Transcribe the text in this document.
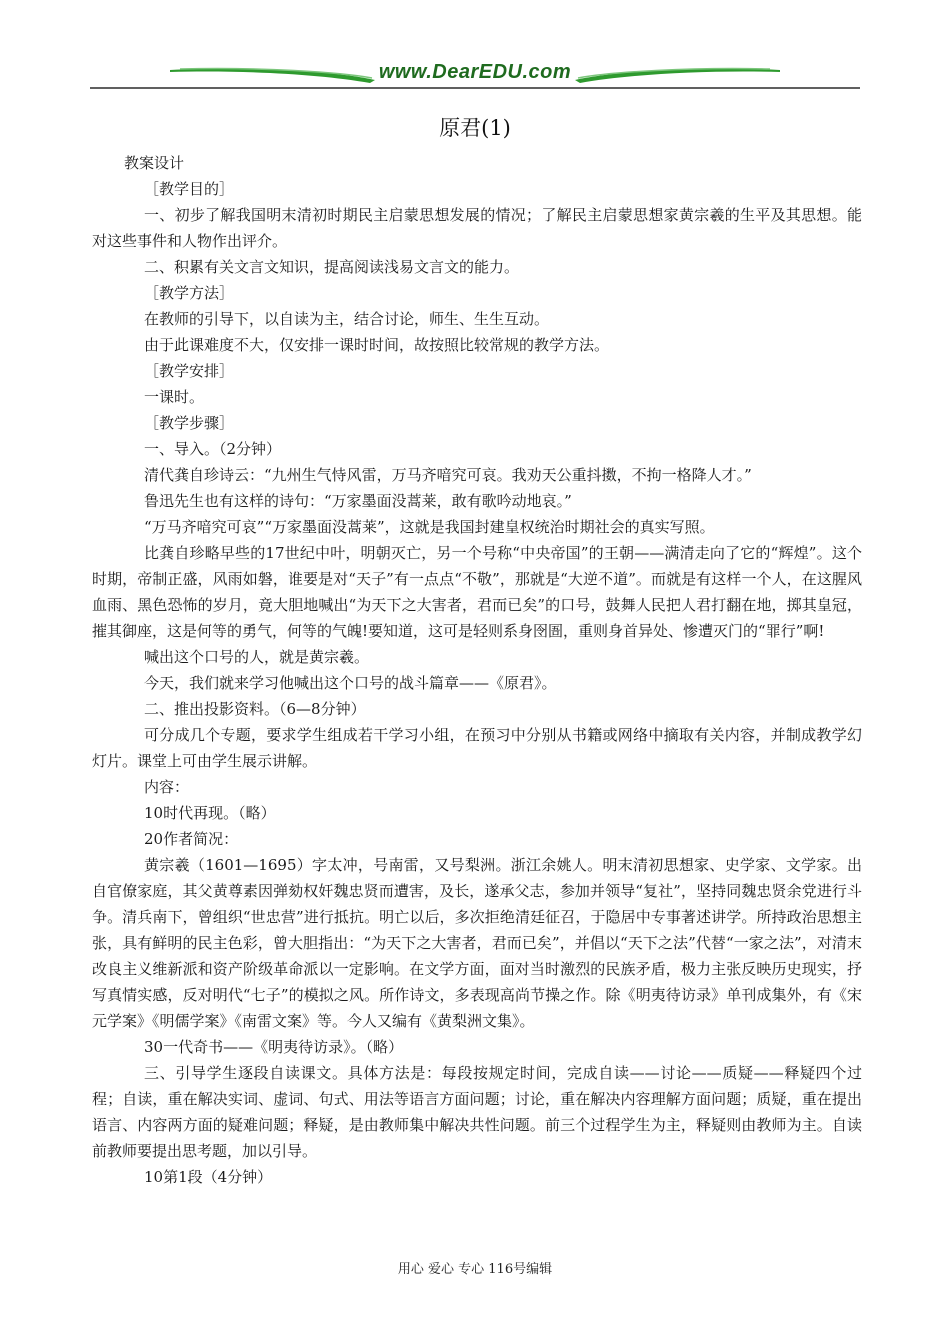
www.DearEDU.com
原君(1)

教案设计

［教学目的］

一、初步了解我国明末清初时期民主启蒙思想发展的情况；了解民主启蒙思想家黄宗羲的生平及其思想。能对这些事件和人物作出评介。

二、积累有关文言文知识，提高阅读浅易文言文的能力。

［教学方法］

在教师的引导下，以自读为主，结合讨论，师生、生生互动。

由于此课难度不大，仅安排一课时时间，故按照比较常规的教学方法。

［教学安排］

一课时。

［教学步骤］

一、导入。（2分钟）

清代龚自珍诗云：“九州生气恃风雷，万马齐喑究可哀。我劝天公重抖擞，不拘一格降人才。”

鲁迅先生也有这样的诗句：“万家墨面没蒿莱，敢有歌吟动地哀。”

“万马齐喑究可哀”“万家墨面没蒿莱”，这就是我国封建皇权统治时期社会的真实写照。

比龚自珍略早些的17世纪中叶，明朝灭亡，另一个号称“中央帝国”的王朝——满清走向了它的“辉煌”。这个时期，帝制正盛，风雨如磐，谁要是对“天子”有一点点“不敬”，那就是“大逆不道”。而就是有这样一个人，在这腥风血雨、黑色恐怖的岁月，竟大胆地喊出“为天下之大害者，君而已矣”的口号，鼓舞人民把人君打翻在地，掷其皇冠，摧其御座，这是何等的勇气，何等的气魄!要知道，这可是轻则系身囹圄，重则身首异处、惨遭灭门的“罪行”啊!

喊出这个口号的人，就是黄宗羲。

今天，我们就来学习他喊出这个口号的战斗篇章——《原君》。

二、推出投影资料。（6—8分钟）

可分成几个专题，要求学生组成若干学习小组，在预习中分别从书籍或网络中摘取有关内容，并制成教学幻灯片。课堂上可由学生展示讲解。

内容：

10时代再现。（略）

20作者简况：

黄宗羲（1601—1695）字太冲，号南雷，又号梨洲。浙江余姚人。明末清初思想家、史学家、文学家。出自官僚家庭，其父黄尊素因弹劾权奸魏忠贤而遭害，及长，遂承父志，参加并领导“复社”，坚持同魏忠贤余党进行斗争。清兵南下，曾组织“世忠营”进行抵抗。明亡以后，多次拒绝清廷征召，于隐居中专事著述讲学。所持政治思想主张，具有鲜明的民主色彩，曾大胆指出：“为天下之大害者，君而已矣”，并倡以“天下之法”代替“一家之法”，对清末改良主义维新派和资产阶级革命派以一定影响。在文学方面，面对当时激烈的民族矛盾，极力主张反映历史现实，抒写真情实感，反对明代“七子”的模拟之风。所作诗文，多表现高尚节操之作。除《明夷待访录》单刊成集外，有《宋元学案》《明儒学案》《南雷文案》等。今人又编有《黄梨洲文集》。

30一代奇书——《明夷待访录》。（略）

三、引导学生逐段自读课文。具体方法是：每段按规定时间，完成自读——讨论——质疑——释疑四个过程；自读，重在解决实词、虚词、句式、用法等语言方面问题；讨论，重在解决内容理解方面问题；质疑，重在提出语言、内容两方面的疑难问题；释疑，是由教师集中解决共性问题。前三个过程学生为主，释疑则由教师为主。自读前教师要提出思考题，加以引导。

10第1段（4分钟）

用心 爱心 专心 116号编辑
